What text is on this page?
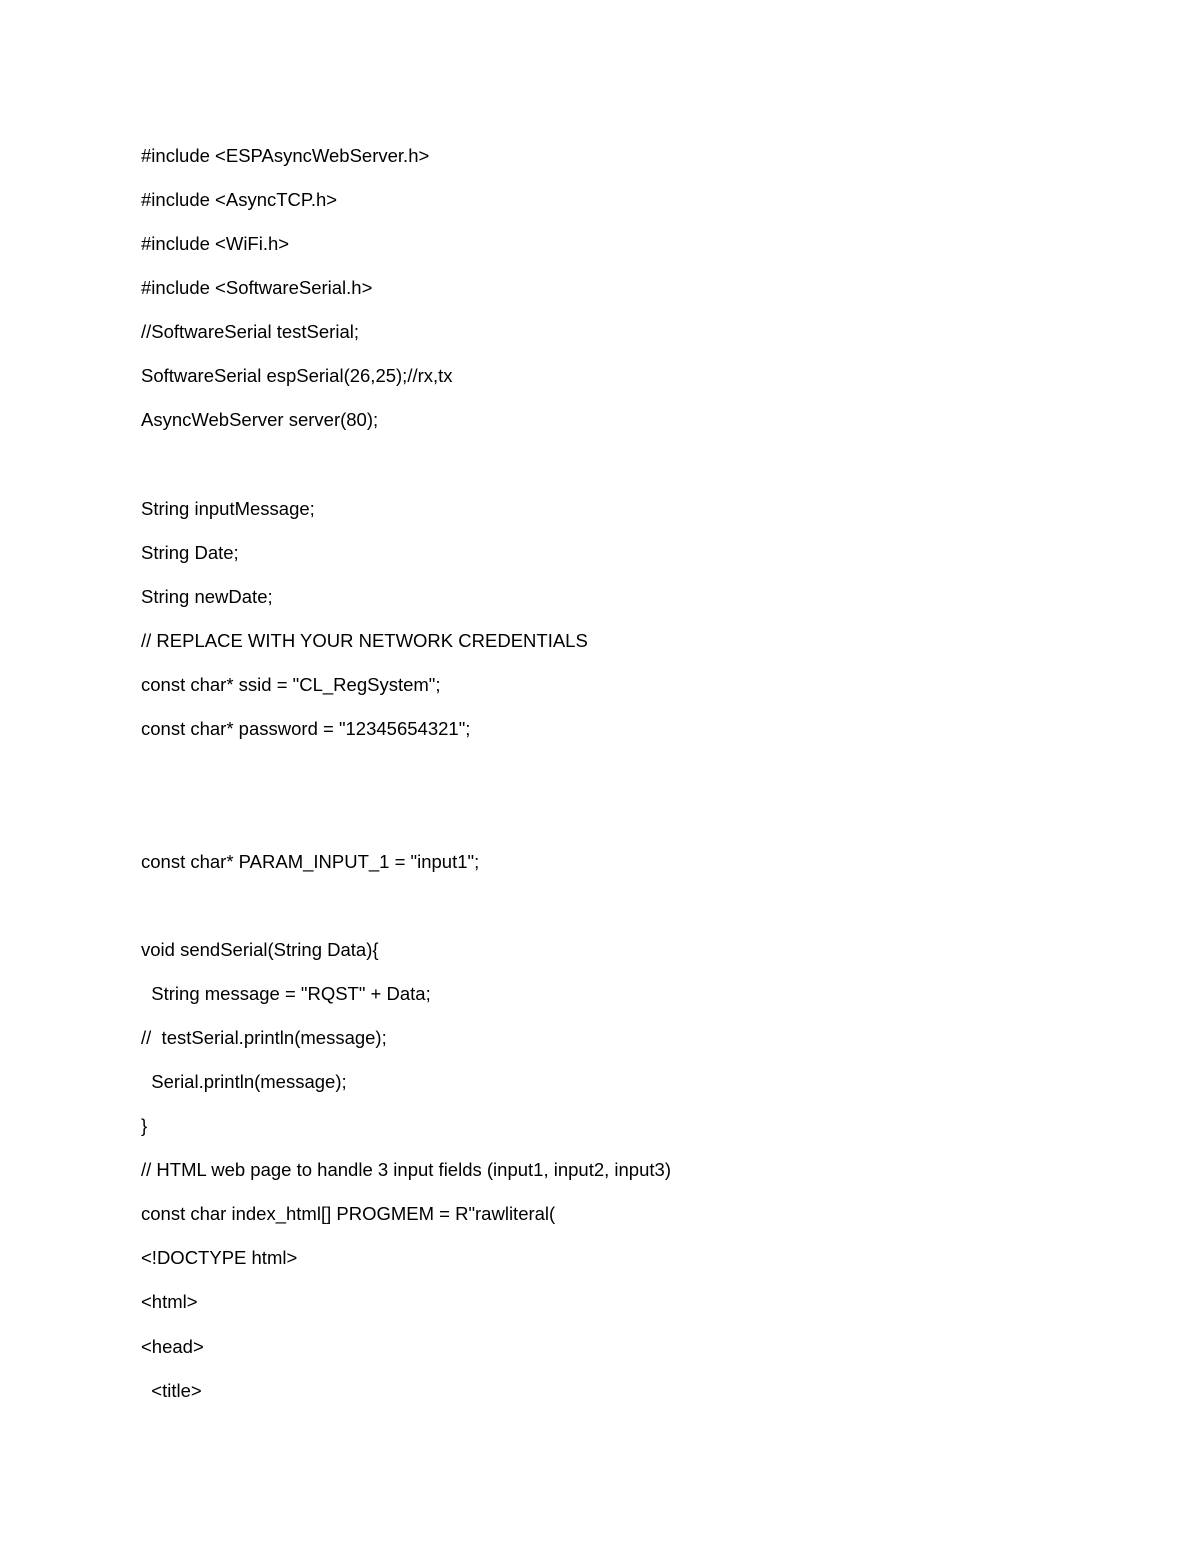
#include <ESPAsyncWebServer.h>

#include <AsyncTCP.h>

#include <WiFi.h>

#include <SoftwareSerial.h>

//SoftwareSerial testSerial;

SoftwareSerial espSerial(26,25);//rx,tx

AsyncWebServer server(80);

String inputMessage;

String Date;

String newDate;

// REPLACE WITH YOUR NETWORK CREDENTIALS

const char* ssid = "CL_RegSystem";

const char* password = "12345654321";

const char* PARAM_INPUT_1 = "input1";

void sendSerial(String Data){

String message = "RQST" + Data;

//  testSerial.println(message);

Serial.println(message);

}

// HTML web page to handle 3 input fields (input1, input2, input3)

const char index_html[] PROGMEM = R"rawliteral(

<!DOCTYPE html>

<html>

<head>

<title>
